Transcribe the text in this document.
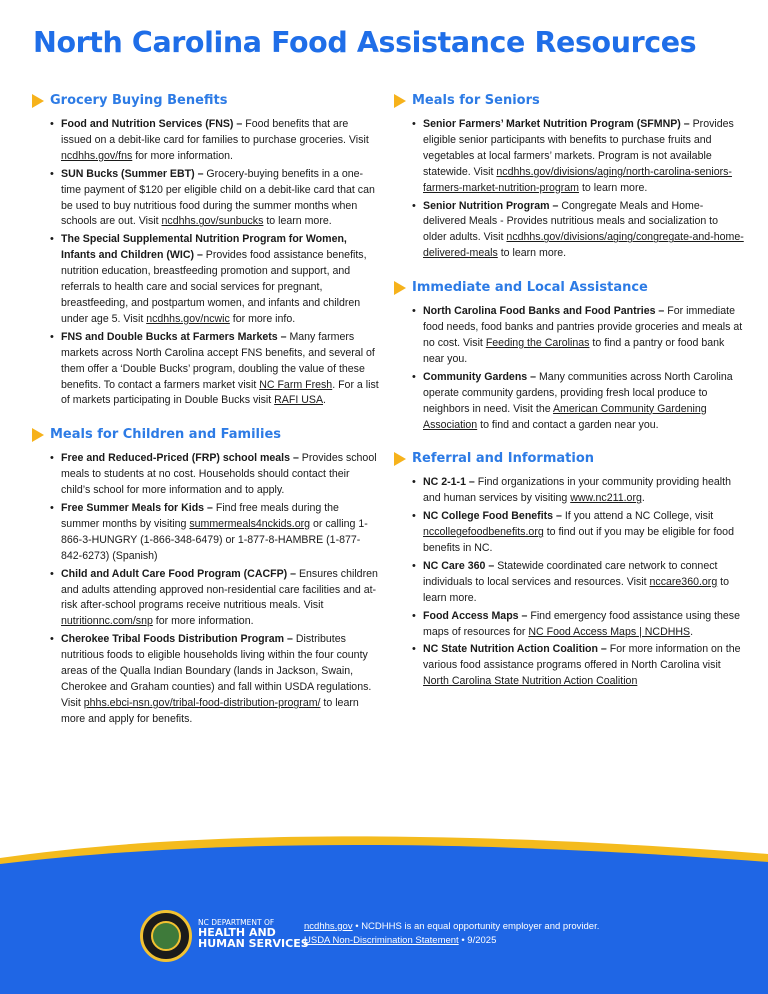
North Carolina Food Assistance Resources
Grocery Buying Benefits
• Food and Nutrition Services (FNS) – Food benefits that are issued on a debit-like card for families to purchase groceries. Visit ncdhhs.gov/fns for more information.
• SUN Bucks (Summer EBT) – Grocery-buying benefits in a one-time payment of $120 per eligible child on a debit-like card that can be used to buy nutritious food during the summer months when schools are out. Visit ncdhhs.gov/sunbucks to learn more.
• The Special Supplemental Nutrition Program for Women, Infants and Children (WIC) – Provides food assistance benefits, nutrition education, breastfeeding promotion and support, and referrals to health care and social services for pregnant, breastfeeding, and postpartum women, and infants and children under age 5. Visit ncdhhs.gov/ncwic for more info.
• FNS and Double Bucks at Farmers Markets – Many farmers markets across North Carolina accept FNS benefits, and several of them offer a ‘Double Bucks’ program, doubling the value of these benefits. To contact a farmers market visit NC Farm Fresh. For a list of markets participating in Double Bucks visit RAFI USA.
Meals for Children and Families
• Free and Reduced-Priced (FRP) school meals – Provides school meals to students at no cost. Households should contact their child’s school for more information and to apply.
• Free Summer Meals for Kids – Find free meals during the summer months by visiting summermeals4nckids.org or calling 1-866-3-HUNGRY (1-866-348-6479) or 1-877-8-HAMBRE (1-877-842-6273) (Spanish)
• Child and Adult Care Food Program (CACFP) – Ensures children and adults attending approved non-residential care facilities and at-risk after-school programs receive nutritious meals. Visit nutritionnc.com/snp for more information.
• Cherokee Tribal Foods Distribution Program – Distributes nutritious foods to eligible households living within the four county areas of the Qualla Indian Boundary (lands in Jackson, Swain, Cherokee and Graham counties) and fall within USDA regulations. Visit phhs.ebci-nsn.gov/tribal-food-distribution-program/ to learn more and apply for benefits.
Meals for Seniors
• Senior Farmers’ Market Nutrition Program (SFMNP) – Provides eligible senior participants with benefits to purchase fruits and vegetables at local farmers’ markets. Program is not available statewide. Visit ncdhhs.gov/divisions/aging/north-carolina-seniors-farmers-market-nutrition-program to learn more.
• Senior Nutrition Program – Congregate Meals and Home-delivered Meals - Provides nutritious meals and socialization to older adults. Visit ncdhhs.gov/divisions/aging/congregate-and-home-delivered-meals to learn more.
Immediate and Local Assistance
• North Carolina Food Banks and Food Pantries – For immediate food needs, food banks and pantries provide groceries and meals at no cost. Visit Feeding the Carolinas to find a pantry or food bank near you.
• Community Gardens – Many communities across North Carolina operate community gardens, providing fresh local produce to neighbors in need. Visit the American Community Gardening Association to find and contact a garden near you.
Referral and Information
• NC 2-1-1 – Find organizations in your community providing health and human services by visiting www.nc211.org.
• NC College Food Benefits – If you attend a NC College, visit nccollegefoodbenefits.org to find out if you may be eligible for food benefits in NC.
• NC Care 360 – Statewide coordinated care network to connect individuals to local services and resources. Visit nccare360.org to learn more.
• Food Access Maps – Find emergency food assistance using these maps of resources for NC Food Access Maps | NCDHHS.
• NC State Nutrition Action Coalition – For more information on the various food assistance programs offered in North Carolina visit North Carolina State Nutrition Action Coalition
NC DEPARTMENT OF
HEALTH AND
HUMAN SERVICES
ncdhhs.gov • NCDHHS is an equal opportunity employer and provider.
USDA Non-Discrimination Statement • 9/2025
